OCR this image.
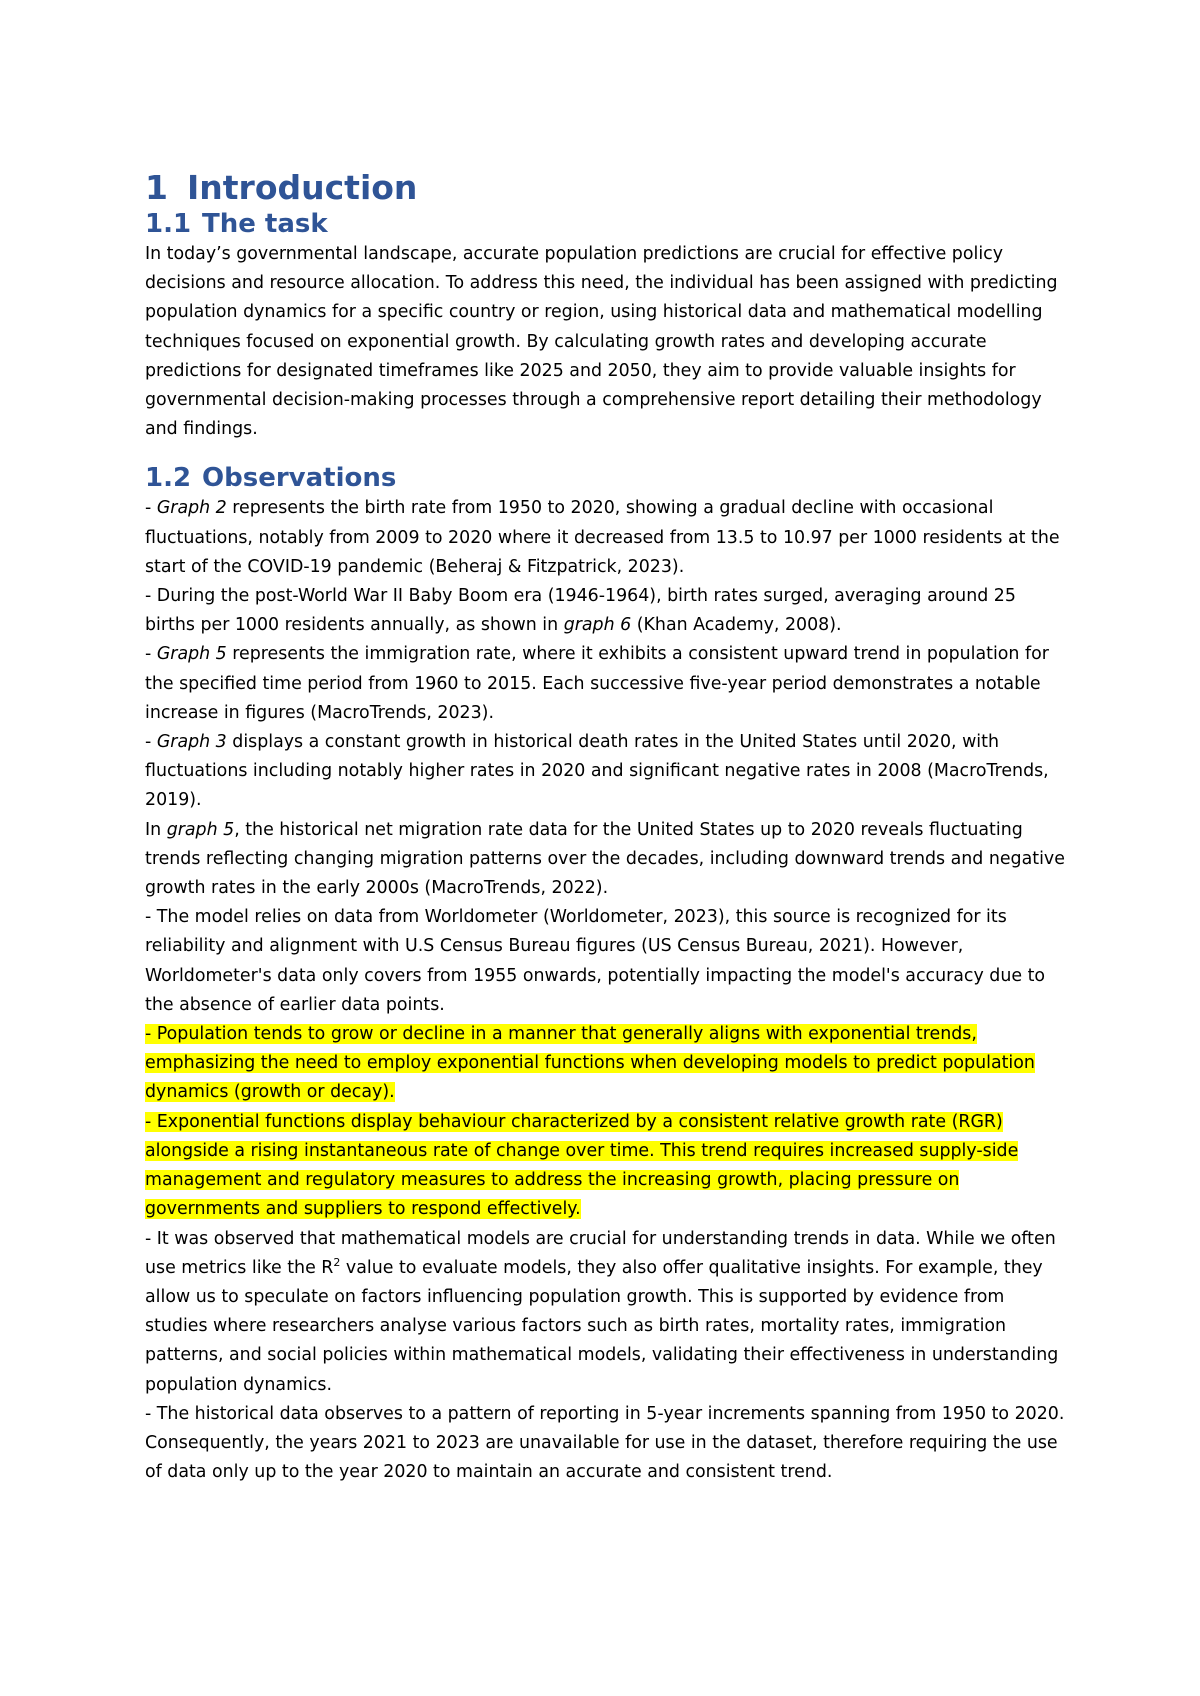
1 Introduction
1.1 The task

In today’s governmental landscape, accurate population predictions are crucial for effective policy decisions and resource allocation. To address this need, the individual has been assigned with predicting population dynamics for a specific country or region, using historical data and mathematical modelling techniques focused on exponential growth. By calculating growth rates and developing accurate predictions for designated timeframes like 2025 and 2050, they aim to provide valuable insights for governmental decision-making processes through a comprehensive report detailing their methodology and findings.

1.2 Observations

- Graph 2 represents the birth rate from 1950 to 2020, showing a gradual decline with occasional fluctuations, notably from 2009 to 2020 where it decreased from 13.5 to 10.97 per 1000 residents at the start of the COVID-19 pandemic (Beheraj & Fitzpatrick, 2023).

- During the post-World War II Baby Boom era (1946-1964), birth rates surged, averaging around 25 births per 1000 residents annually, as shown in graph 6 (Khan Academy, 2008).

- Graph 5 represents the immigration rate, where it exhibits a consistent upward trend in population for the specified time period from 1960 to 2015. Each successive five-year period demonstrates a notable increase in figures (MacroTrends, 2023).

- Graph 3 displays a constant growth in historical death rates in the United States until 2020, with fluctuations including notably higher rates in 2020 and significant negative rates in 2008 (MacroTrends, 2019).

In graph 5, the historical net migration rate data for the United States up to 2020 reveals fluctuating trends reflecting changing migration patterns over the decades, including downward trends and negative growth rates in the early 2000s (MacroTrends, 2022).

- The model relies on data from Worldometer (Worldometer, 2023), this source is recognized for its reliability and alignment with U.S Census Bureau figures (US Census Bureau, 2021). However, Worldometer's data only covers from 1955 onwards, potentially impacting the model's accuracy due to the absence of earlier data points.

- Population tends to grow or decline in a manner that generally aligns with exponential trends, emphasizing the need to employ exponential functions when developing models to predict population dynamics (growth or decay).

- Exponential functions display behaviour characterized by a consistent relative growth rate (RGR) alongside a rising instantaneous rate of change over time. This trend requires increased supply-side management and regulatory measures to address the increasing growth, placing pressure on governments and suppliers to respond effectively.

- It was observed that mathematical models are crucial for understanding trends in data. While we often use metrics like the $R^2$ value to evaluate models, they also offer qualitative insights. For example, they allow us to speculate on factors influencing population growth. This is supported by evidence from studies where researchers analyse various factors such as birth rates, mortality rates, immigration patterns, and social policies within mathematical models, validating their effectiveness in understanding population dynamics.

- The historical data observes to a pattern of reporting in 5-year increments spanning from 1950 to 2020. Consequently, the years 2021 to 2023 are unavailable for use in the dataset, therefore requiring the use of data only up to the year 2020 to maintain an accurate and consistent trend.
